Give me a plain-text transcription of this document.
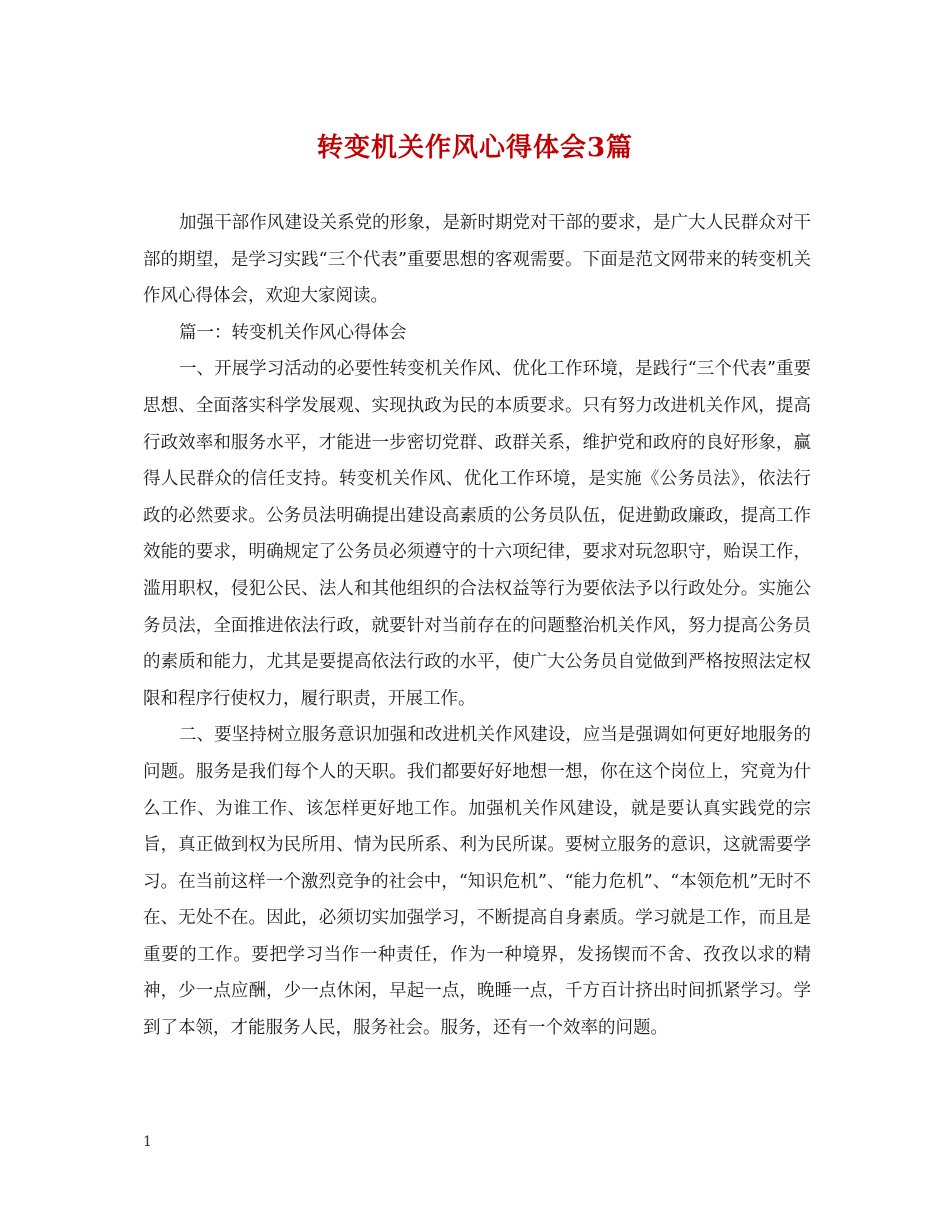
转变机关作风心得体会3篇

加强干部作风建设关系党的形象，是新时期党对干部的要求，是广大人民群众对干部的期望，是学习实践“三个代表”重要思想的客观需要。下面是范文网带来的转变机关作风心得体会，欢迎大家阅读。

篇一：转变机关作风心得体会

一、开展学习活动的必要性转变机关作风、优化工作环境，是践行“三个代表”重要思想、全面落实科学发展观、实现执政为民的本质要求。只有努力改进机关作风，提高行政效率和服务水平，才能进一步密切党群、政群关系，维护党和政府的良好形象，赢得人民群众的信任支持。转变机关作风、优化工作环境，是实施《公务员法》，依法行政的必然要求。公务员法明确提出建设高素质的公务员队伍，促进勤政廉政，提高工作效能的要求，明确规定了公务员必须遵守的十六项纪律，要求对玩忽职守，贻误工作，滥用职权，侵犯公民、法人和其他组织的合法权益等行为要依法予以行政处分。实施公务员法，全面推进依法行政，就要针对当前存在的问题整治机关作风，努力提高公务员的素质和能力，尤其是要提高依法行政的水平，使广大公务员自觉做到严格按照法定权限和程序行使权力，履行职责，开展工作。

二、要坚持树立服务意识加强和改进机关作风建设，应当是强调如何更好地服务的问题。服务是我们每个人的天职。我们都要好好地想一想，你在这个岗位上，究竟为什么工作、为谁工作、该怎样更好地工作。加强机关作风建设，就是要认真实践党的宗旨，真正做到权为民所用、情为民所系、利为民所谋。要树立服务的意识，这就需要学习。在当前这样一个激烈竞争的社会中，“知识危机”、“能力危机”、“本领危机”无时不在、无处不在。因此，必须切实加强学习，不断提高自身素质。学习就是工作，而且是重要的工作。要把学习当作一种责任，作为一种境界，发扬锲而不舍、孜孜以求的精神，少一点应酬，少一点休闲，早起一点，晚睡一点，千方百计挤出时间抓紧学习。学到了本领，才能服务人民，服务社会。服务，还有一个效率的问题。

1
